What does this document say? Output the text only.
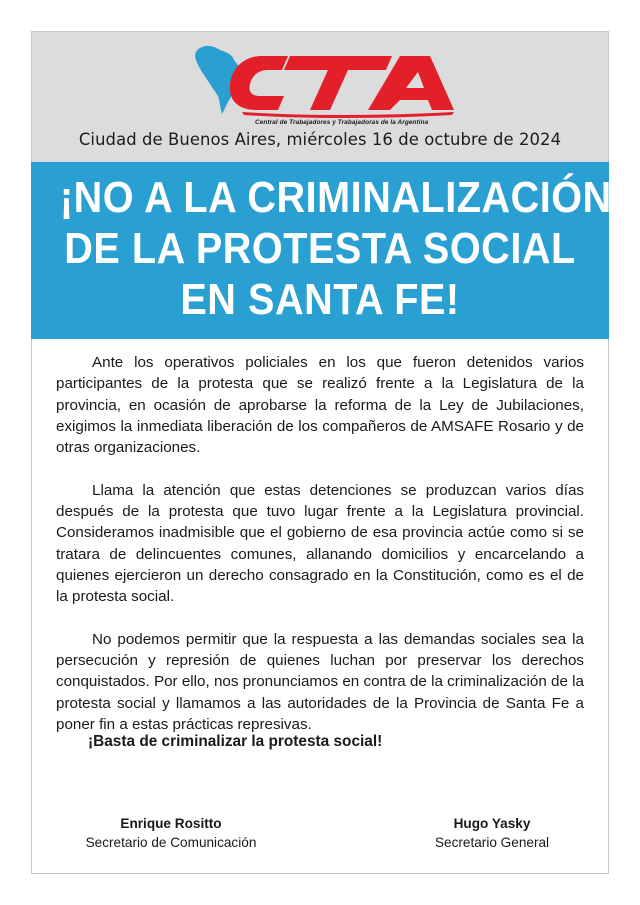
Central de Trabajadores y Trabajadoras de la Argentina
Ciudad de Buenos Aires, miércoles 16 de octubre de 2024
¡NO A LA CRIMINALIZACIÓN
DE LA PROTESTA SOCIAL
EN SANTA FE!

Ante los operativos policiales en los que fueron detenidos varios participantes de la protesta que se realizó frente a la Legislatura de la provincia, en ocasión de aprobarse la reforma de la Ley de Jubilaciones, exigimos la inmediata liberación de los compañeros de AMSAFE Rosario y de otras organizaciones.

Llama la atención que estas detenciones se produzcan varios días después de la protesta que tuvo lugar frente a la Legislatura provincial. Consideramos inadmisible que el gobierno de esa provincia actúe como si se tratara de delincuentes comunes, allanando domicilios y encarcelando a quienes ejercieron un derecho consagrado en la Constitución, como es el de la protesta social.

No podemos permitir que la respuesta a las demandas sociales sea la persecución y represión de quienes luchan por preservar los derechos conquistados. Por ello, nos pronunciamos en contra de la criminalización de la protesta social y llamamos a las autoridades de la Provincia de Santa Fe a poner fin a estas prácticas represivas.

¡Basta de criminalizar la protesta social!
Enrique Rositto
Secretario de Comunicación
Hugo Yasky
Secretario General
